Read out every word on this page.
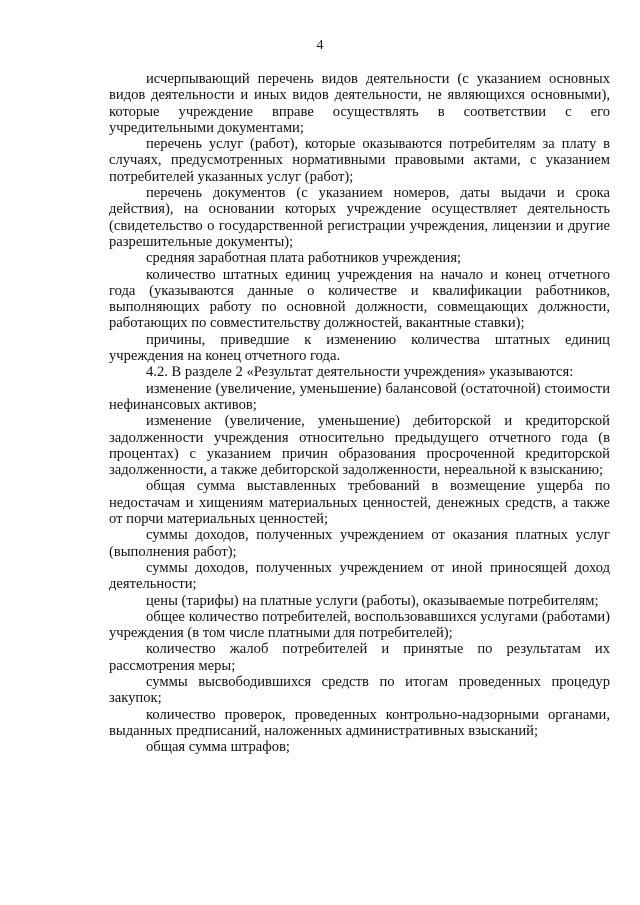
4

исчерпывающий перечень видов деятельности (с указанием основных видов деятельности и иных видов деятельности, не являющихся основными), которые учреждение вправе осуществлять в соответствии с его учредительными документами;

перечень услуг (работ), которые оказываются потребителям за плату в случаях, предусмотренных нормативными правовыми актами, с указанием потребителей указанных услуг (работ);

перечень документов (с указанием номеров, даты выдачи и срока действия), на основании которых учреждение осуществляет деятельность (свидетельство о государственной регистрации учреждения, лицензии и другие разрешительные документы);

средняя заработная плата работников учреждения;

количество штатных единиц учреждения на начало и конец отчетного года (указываются данные о количестве и квалификации работников, выполняющих работу по основной должности, совмещающих должности, работающих по совместительству должностей, вакантные ставки);

причины, приведшие к изменению количества штатных единиц учреждения на конец отчетного года.

4.2. В разделе 2 «Результат деятельности учреждения» указываются:

изменение (увеличение, уменьшение) балансовой (остаточной) стоимости нефинансовых активов;

изменение (увеличение, уменьшение) дебиторской и кредиторской задолженности учреждения относительно предыдущего отчетного года (в процентах) с указанием причин образования просроченной кредиторской задолженности, а также дебиторской задолженности, нереальной к взысканию;

общая сумма выставленных требований в возмещение ущерба по недостачам и хищениям материальных ценностей, денежных средств, а также от порчи материальных ценностей;

суммы доходов, полученных учреждением от оказания платных услуг (выполнения работ);

суммы доходов, полученных учреждением от иной приносящей доход деятельности;

цены (тарифы) на платные услуги (работы), оказываемые потребителям;

общее количество потребителей, воспользовавшихся услугами (работами) учреждения (в том числе платными для потребителей);

количество жалоб потребителей и принятые по результатам их рассмотрения меры;

суммы высвободившихся средств по итогам проведенных процедур закупок;

количество проверок, проведенных контрольно-надзорными органами, выданных предписаний, наложенных административных взысканий;

общая сумма штрафов;
